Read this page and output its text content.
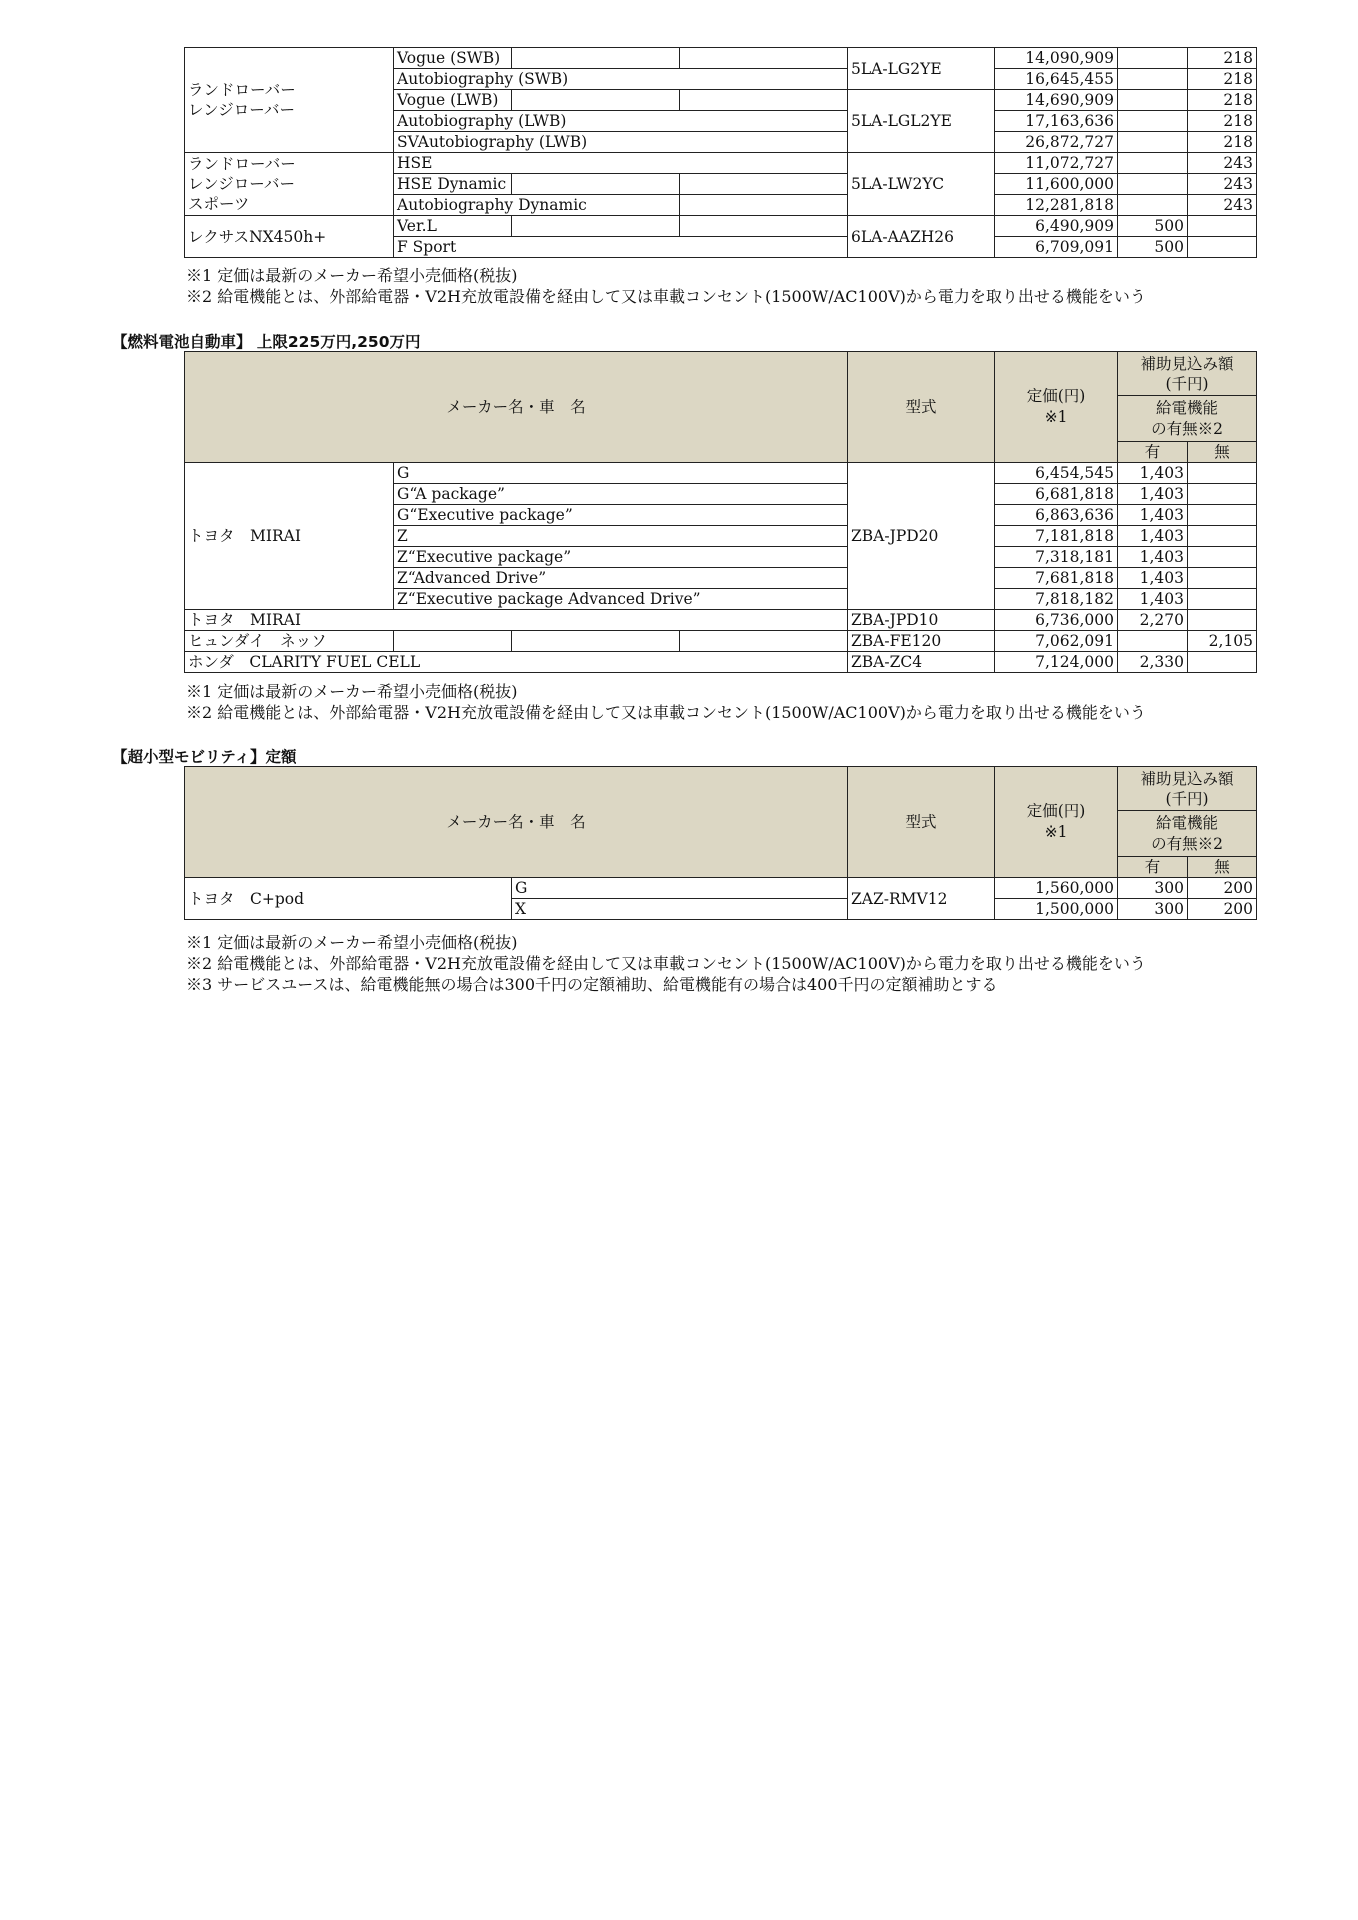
ランドローバー
レンジローバー	Vogue (SWB)			5LA-LG2YE	14,090,909		218
	Autobiography (SWB)				16,645,455		218
	Vogue (LWB)			5LA-LGL2YE	14,690,909		218
	Autobiography (LWB)				17,163,636		218
	SVAutobiography (LWB)				26,872,727		218
ランドローバー
レンジローバー
スポーツ	HSE			5LA-LW2YC	11,072,727		243
	HSE Dynamic				11,600,000		243
	Autobiography Dynamic				12,281,818		243
レクサスNX450h+	Ver.L			6LA-AAZH26	6,490,909	500	
	F Sport				6,709,091	500	
※1 定価は最新のメーカー希望小売価格(税抜)
※2 給電機能とは、外部給電器・V2H充放電設備を経由して又は車載コンセント(1500W/AC100V)から電力を取り出せる機能をいう
【燃料電池自動車】 上限225万円,250万円
メーカー名・車　名				型式	定価(円)
※1	補助見込み額
(千円)	
						給電機能
の有無※2	
						有	無
トヨタ　MIRAI	G			ZBA-JPD20	6,454,545	1,403	
	G“A package”				6,681,818	1,403	
	G“Executive package”				6,863,636	1,403	
	Z				7,181,818	1,403	
	Z“Executive package”				7,318,181	1,403	
	Z“Advanced Drive”				7,681,818	1,403	
	Z“Executive package Advanced Drive”				7,818,182	1,403	
トヨタ　MIRAI				ZBA-JPD10	6,736,000	2,270	
ヒュンダイ　ネッソ				ZBA-FE120	7,062,091		2,105
ホンダ　CLARITY FUEL CELL				ZBA-ZC4	7,124,000	2,330	
※1 定価は最新のメーカー希望小売価格(税抜)
※2 給電機能とは、外部給電器・V2H充放電設備を経由して又は車載コンセント(1500W/AC100V)から電力を取り出せる機能をいう
【超小型モビリティ】定額
メーカー名・車　名		型式	定価(円)
※1	補助見込み額
(千円)	
				給電機能
の有無※2	
				有	無
トヨタ　C+pod	G	ZAZ-RMV12	1,560,000	300	200
	X		1,500,000	300	200
※1 定価は最新のメーカー希望小売価格(税抜)
※2 給電機能とは、外部給電器・V2H充放電設備を経由して又は車載コンセント(1500W/AC100V)から電力を取り出せる機能をいう
※3 サービスユースは、給電機能無の場合は300千円の定額補助、給電機能有の場合は400千円の定額補助とする
